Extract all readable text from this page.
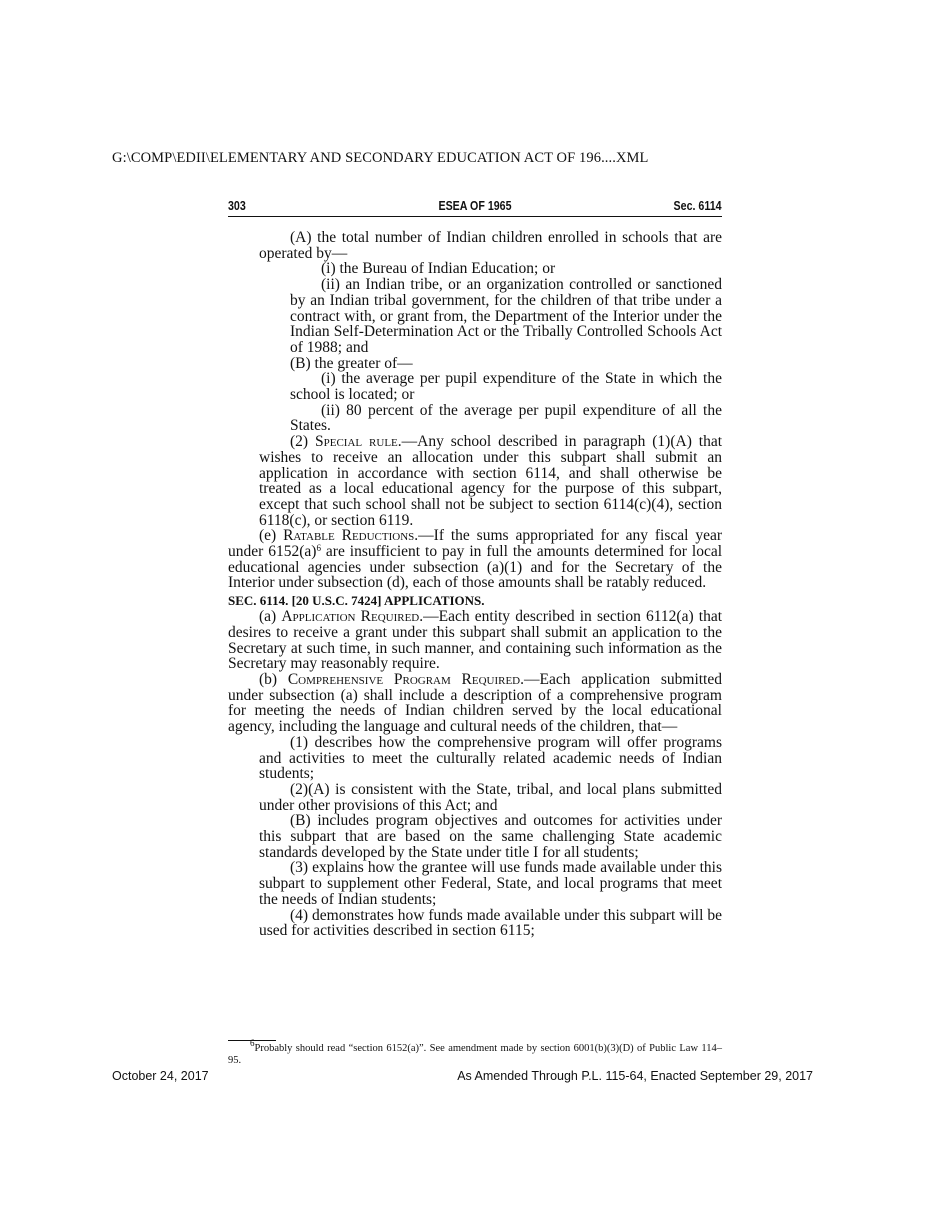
G:\COMP\EDII\ELEMENTARY AND SECONDARY EDUCATION ACT OF 196....XML
303	ESEA OF 1965	Sec. 6114

(A) the total number of Indian children enrolled in schools that are operated by—

(i) the Bureau of Indian Education; or

(ii) an Indian tribe, or an organization controlled or sanctioned by an Indian tribal government, for the children of that tribe under a contract with, or grant from, the Department of the Interior under the Indian Self-Determination Act or the Tribally Controlled Schools Act of 1988; and

(B) the greater of—

(i) the average per pupil expenditure of the State in which the school is located; or

(ii) 80 percent of the average per pupil expenditure of all the States.

(2) Special rule.—Any school described in paragraph (1)(A) that wishes to receive an allocation under this subpart shall submit an application in accordance with section 6114, and shall otherwise be treated as a local educational agency for the purpose of this subpart, except that such school shall not be subject to section 6114(c)(4), section 6118(c), or section 6119.

(e) Ratable Reductions.—If the sums appropriated for any fiscal year under $6152(a)^6$ are insufficient to pay in full the amounts determined for local educational agencies under subsection (a)(1) and for the Secretary of the Interior under subsection (d), each of those amounts shall be ratably reduced.

SEC. 6114. [20 U.S.C. 7424] APPLICATIONS.

(a) Application Required.—Each entity described in section 6112(a) that desires to receive a grant under this subpart shall submit an application to the Secretary at such time, in such manner, and containing such information as the Secretary may reasonably require.

(b) Comprehensive Program Required.—Each application submitted under subsection (a) shall include a description of a comprehensive program for meeting the needs of Indian children served by the local educational agency, including the language and cultural needs of the children, that—

(1) describes how the comprehensive program will offer programs and activities to meet the culturally related academic needs of Indian students;

(2)(A) is consistent with the State, tribal, and local plans submitted under other provisions of this Act; and

(B) includes program objectives and outcomes for activities under this subpart that are based on the same challenging State academic standards developed by the State under title I for all students;

(3) explains how the grantee will use funds made available under this subpart to supplement other Federal, State, and local programs that meet the needs of Indian students;

(4) demonstrates how funds made available under this subpart will be used for activities described in section 6115;

$^6$Probably should read “section 6152(a)”. See amendment made by section 6001(b)(3)(D) of Public Law 114–95.
October 24, 2017	As Amended Through P.L. 115-64, Enacted September 29, 2017
